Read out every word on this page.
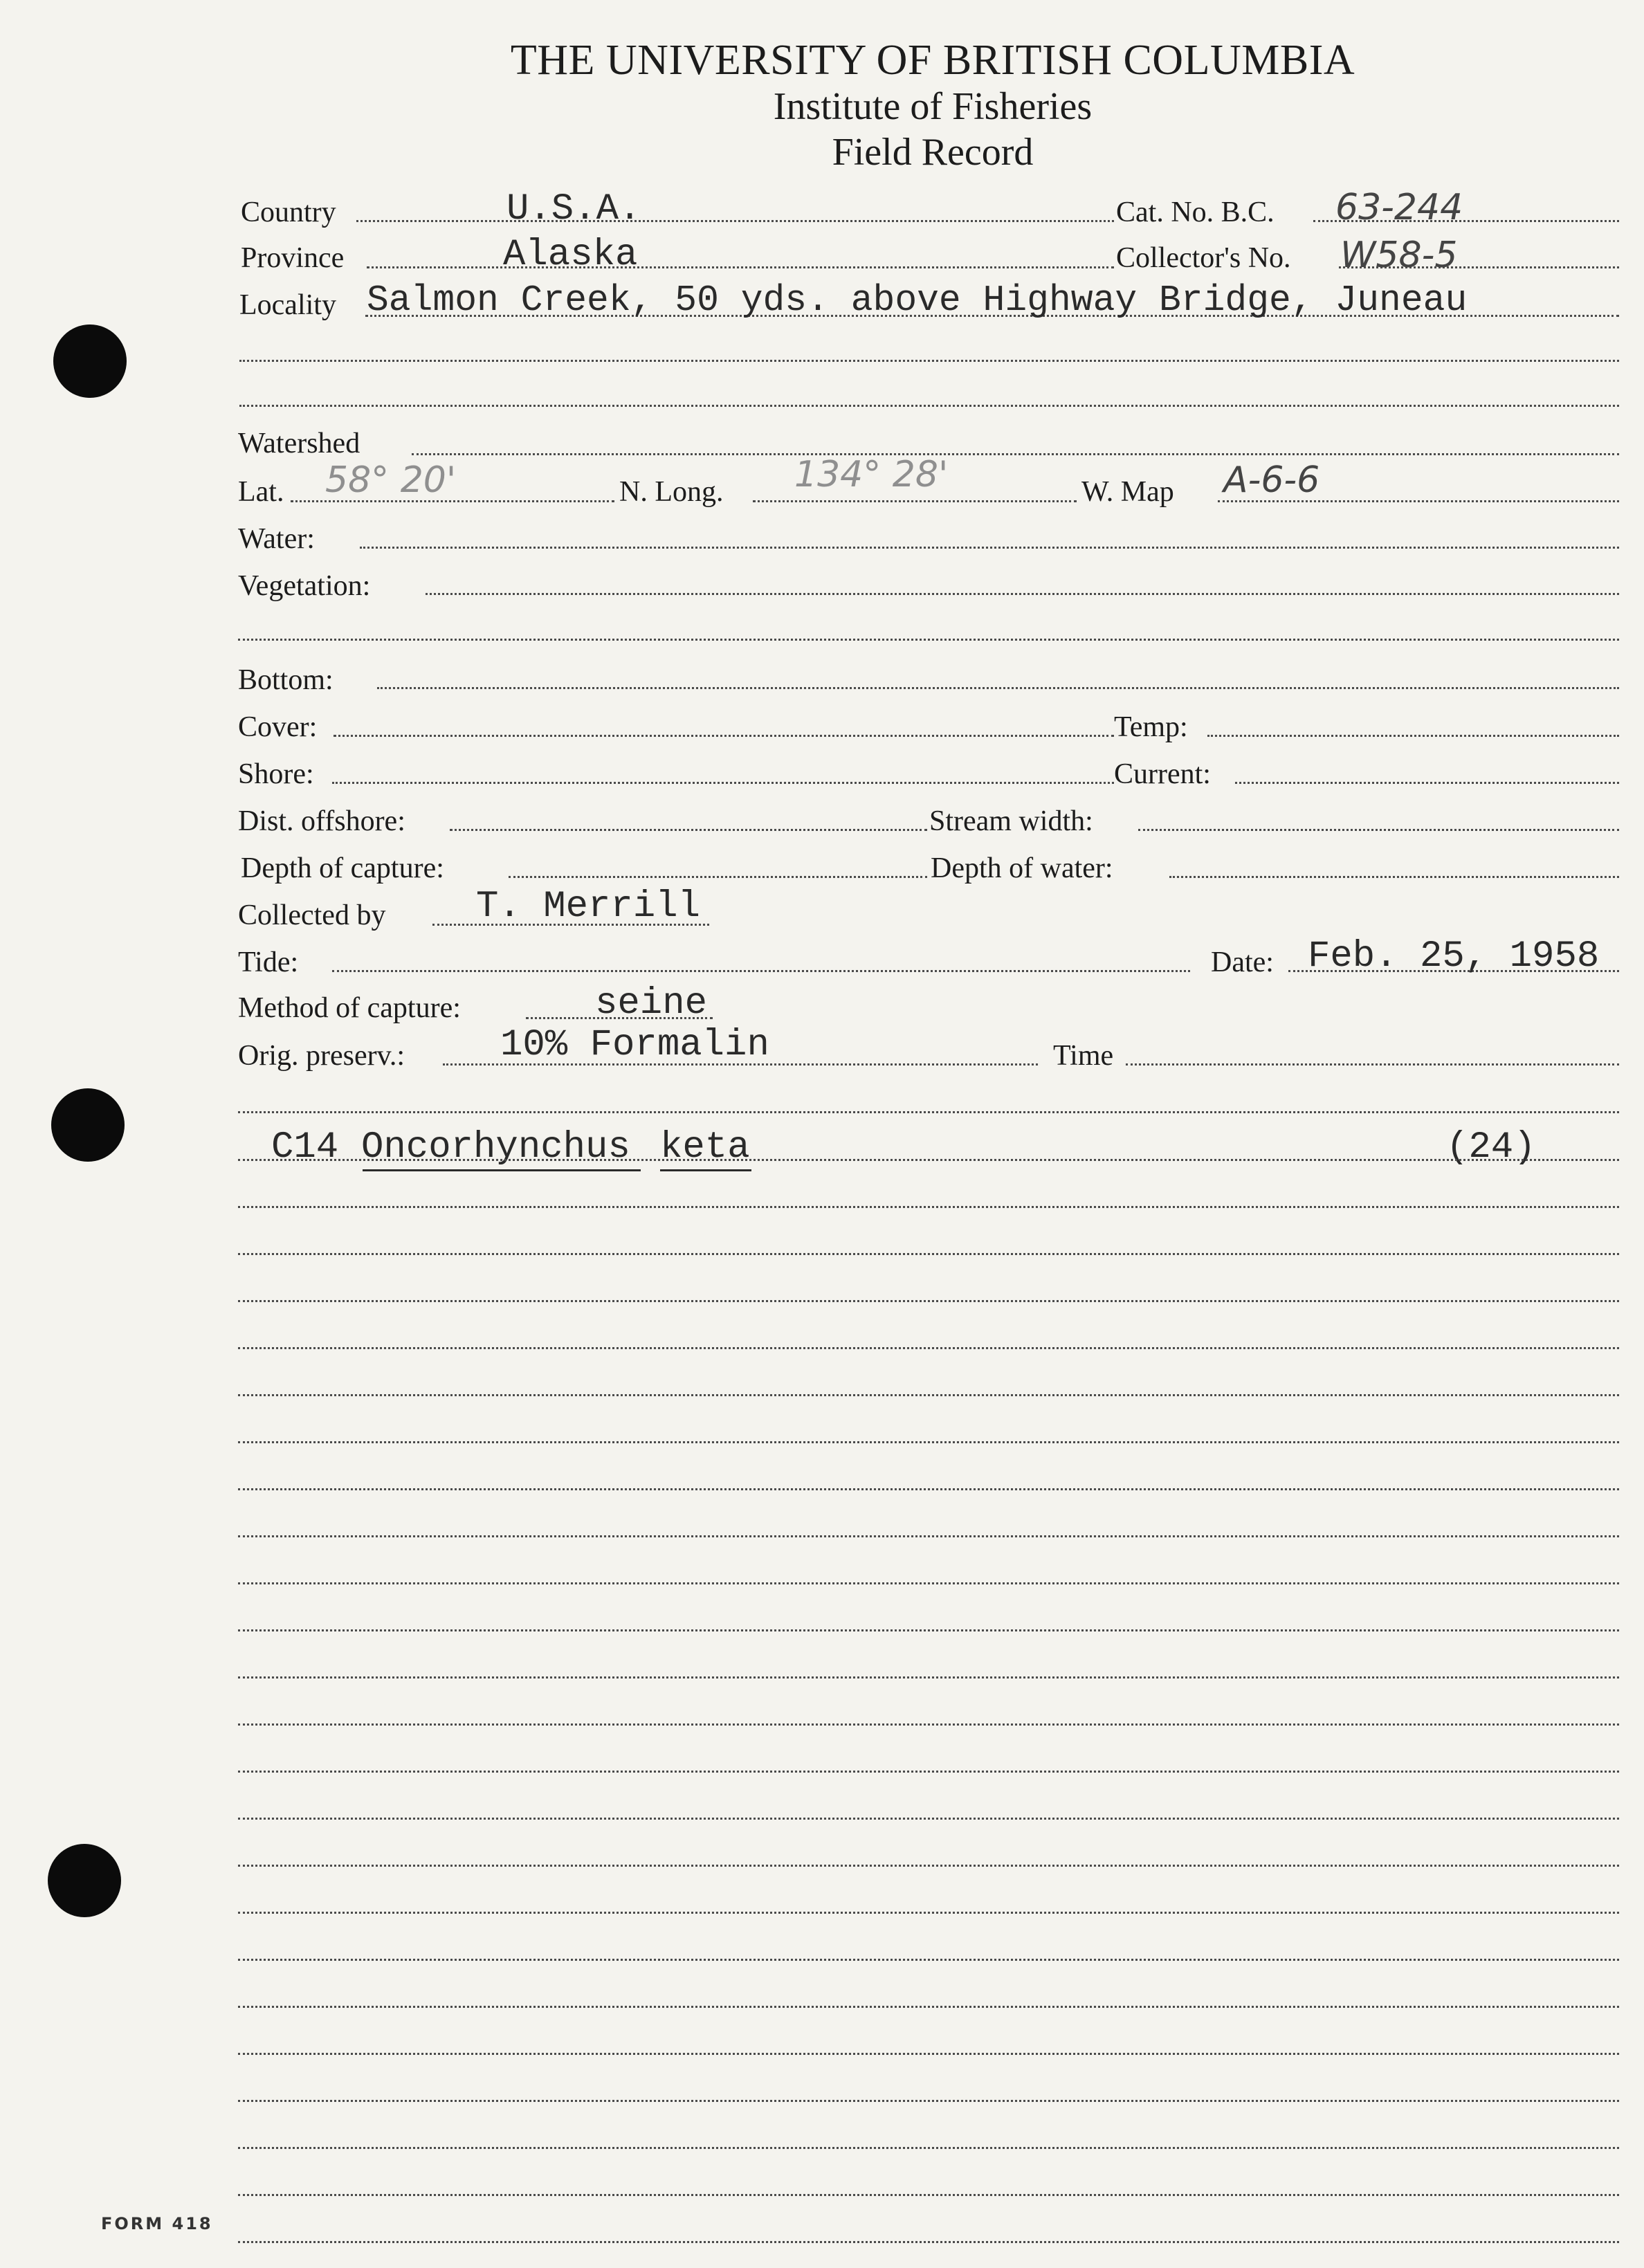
THE UNIVERSITY OF BRITISH COLUMBIA
Institute of Fisheries
Field Record
Country	U.S.A.	Cat. No. B.C. 63-244
Province	Alaska	Collector's No. W58-5
Locality Salmon Creek, 50 yds. above Highway Bridge, Juneau
Watershed
Lat. 58° 20'	N. Long. 134° 28'	W. Map A-6-6
Water:
Vegetation:
Bottom:
Cover:	Temp:
Shore:	Current:
Dist. offshore:	Stream width:
Depth of capture:	Depth of water:
Collected by T. Merrill
Tide:	Date: Feb. 25, 1958
Method of capture:	seine
Orig. preserv.:	10% Formalin	Time
C14 Oncorhynchus keta	(24)
FORM 418
